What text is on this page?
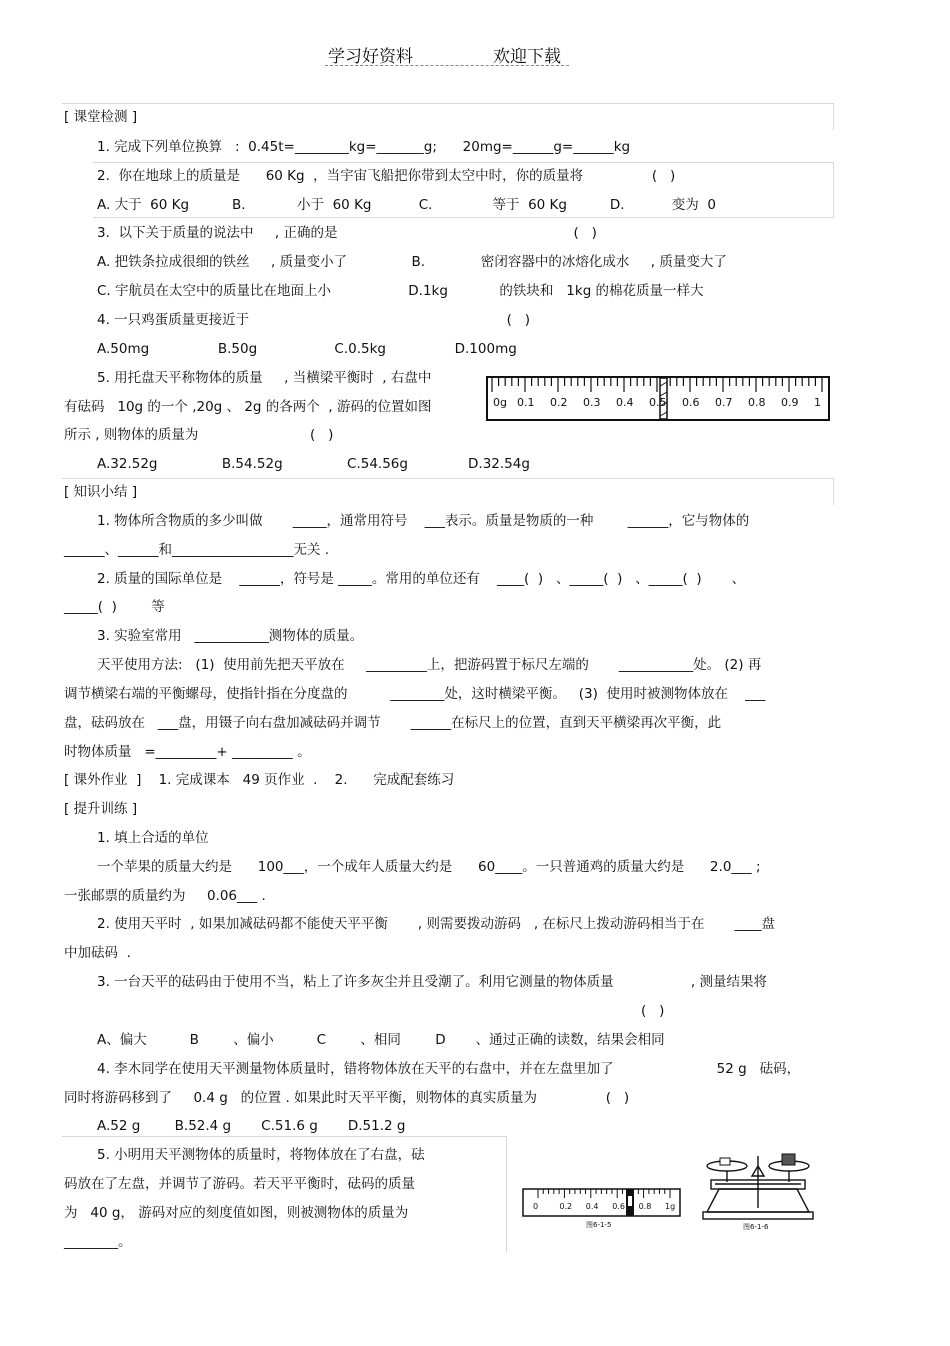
学习好资料	欢迎下载
[ 课堂检测 ]
1. 完成下列单位换算   :  0.45t=________kg=_______g;      20mg=______g=______kg
2.  你在地球上的质量是      60 Kg  ，当宇宙飞船把你带到太空中时，你的质量将                (   )
A. 大于  60 Kg          B.            小于  60 Kg           C.              等于  60 Kg          D.           变为  0
3.  以下关于质量的说法中     , 正确的是                                                       (   )
A. 把铁条拉成很细的铁丝     , 质量变小了               B.             密闭容器中的冰熔化成水     , 质量变大了
C. 宇航员在太空中的质量比在地面上小                  D.1kg            的铁块和   1kg 的棉花质量一样大
4. 一只鸡蛋质量更接近于                                                            (   )
A.50mg                B.50g                  C.0.5kg                D.100mg
5. 用托盘天平称物体的质量     , 当横梁平衡时  , 右盘中
有砝码   10g 的一个 ,20g 、 2g 的各两个  , 游码的位置如图
所示 , 则物体的质量为                          (   )
A.32.52g               B.54.52g               C.54.56g              D.32.54g
0g 0.1 0.2 0.3 0.4 0.5 0.6 0.7 0.8 0.9 1
[ 知识小结 ]
1. 物体所含物质的多少叫做       _____，通常用符号    ___表示。质量是物质的一种        ______，它与物体的
______、______和__________________无关 .
2. 质量的国际单位是    ______，符号是 _____。常用的单位还有    ____(  )   、_____(  )   、_____(  )       、
_____(  )        等
3. 实验室常用   ___________测物体的质量。
天平使用方法:   (1)  使用前先把天平放在     _________上，把游码置于标尺左端的       ___________处。 (2) 再
调节横梁右端的平衡螺母，使指针指在分度盘的          ________处，这时横梁平衡。   (3)  使用时被测物体放在    ___
盘，砝码放在   ___盘，用镊子向右盘加减砝码并调节       ______在标尺上的位置，直到天平横梁再次平衡，此
时物体质量   =_________+ _________ 。
[ 课外作业  ]    1. 完成课本   49 页作业  .    2.      完成配套练习
[ 提升训练 ]
1. 填上合适的单位
一个苹果的质量大约是      100___，一个成年人质量大约是      60____。一只普通鸡的质量大约是      2.0___ ;
一张邮票的质量约为     0.06___ .
2. 使用天平时  , 如果加减砝码都不能使天平平衡       , 则需要拨动游码   , 在标尺上拨动游码相当于在       ____盘
中加砝码  .
3. 一台天平的砝码由于使用不当，粘上了许多灰尘并且受潮了。利用它测量的物体质量                  , 测量结果将
(   )
A、偏大          B        、偏小          C        、相同        D       、通过正确的读数，结果会相同
4. 李木同学在使用天平测量物体质量时，错将物体放在天平的右盘中，并在左盘里加了                        52 g   砝码，
同时将游码移到了     0.4 g   的位置 . 如果此时天平平衡，则物体的真实质量为                (   )
A.52 g        B.52.4 g       C.51.6 g       D.51.2 g
5. 小明用天平测物体的质量时，将物体放在了右盘，砝
码放在了左盘，并调节了游码。若天平平衡时，砝码的质量
为   40 g， 游码对应的刻度值如图，则被测物体的质量为
________。
0	0.2 0.4 0.6 0.8 1g
图6-1-5	图6-1-6
